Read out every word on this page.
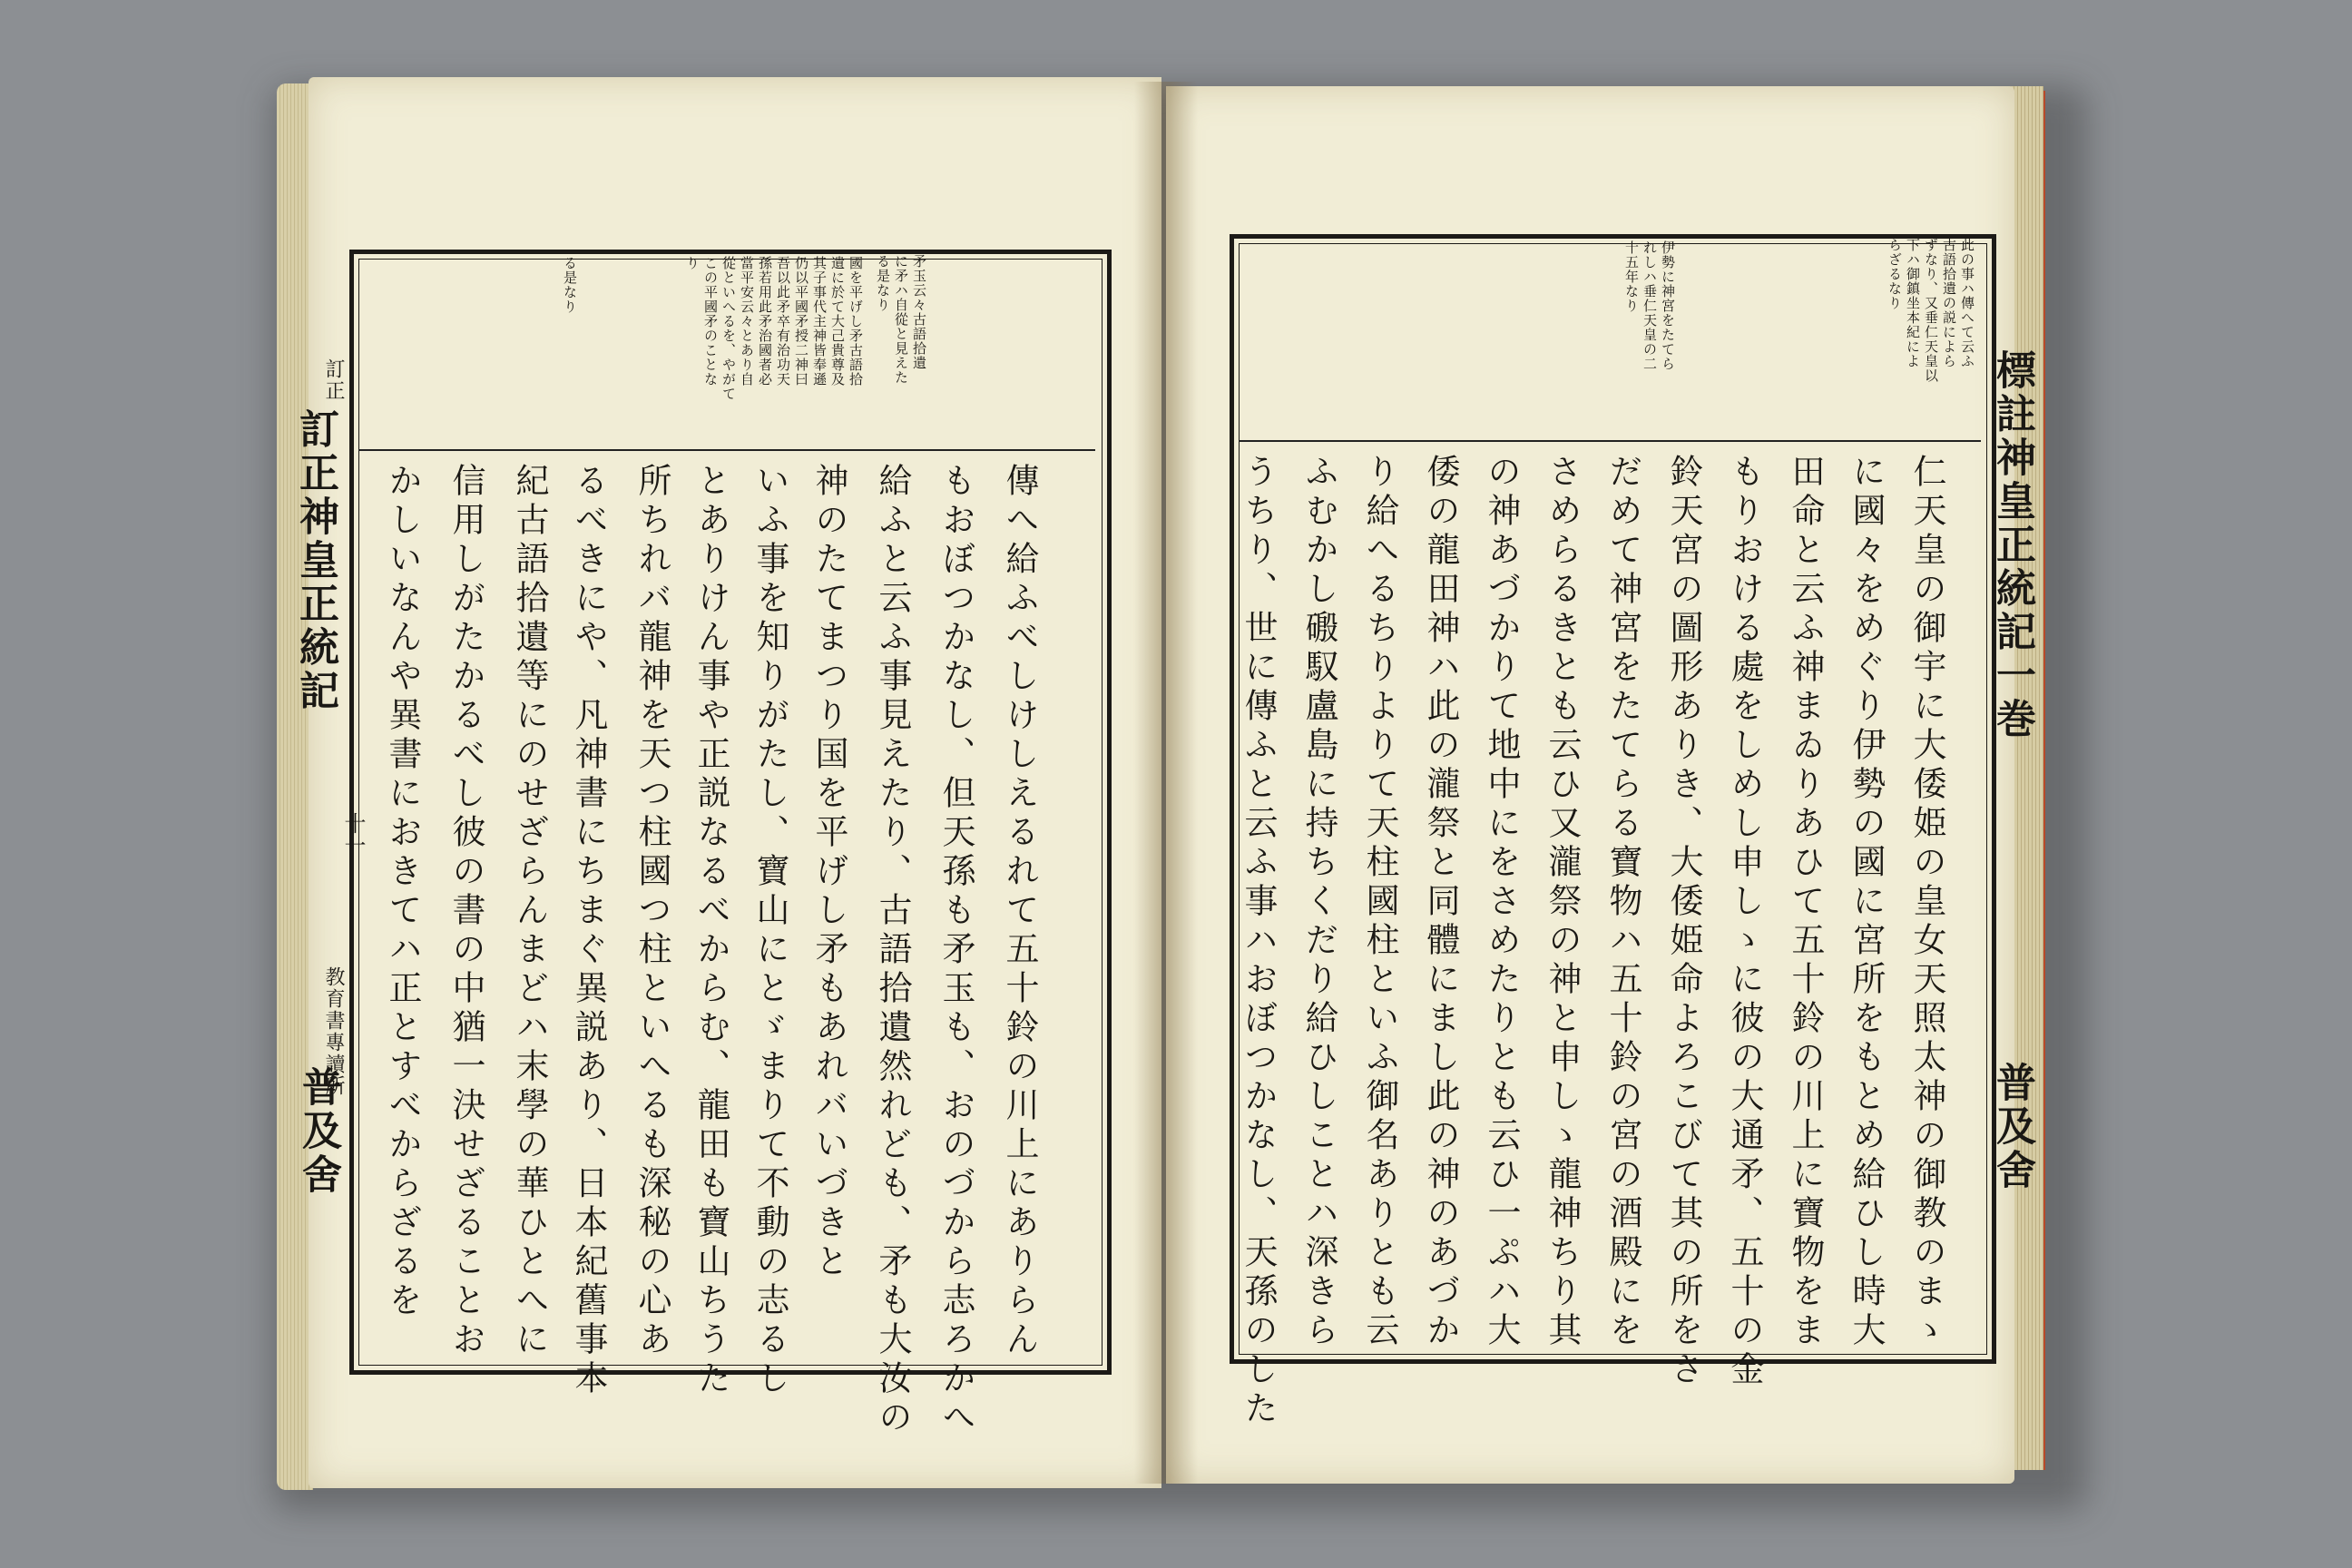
訂正
訂正神皇正統記
十一
教育書專讀所
普及舍
矛玉云々古語拾遺
に矛ハ自從と見えた
る是なり
國を平げし矛古語拾
遺に於て大己貴尊及
其子事代主神皆奉遜
仍以平國矛授二神曰
吾以此矛卒有治功天
孫若用此矛治國者必
當平安云々とあり自
從といへるを、やがて
この平國矛のことな
り
る是なり
傳へ給ふべしけしえるれて五十鈴の川上にありらん
もおぼつかなし、但天孫も矛玉も、おのづから志ろかへ
給ふと云ふ事見えたり、古語拾遺然れども、矛も大汝の
神のたてまつり国を平げし矛もあれバいづきと
いふ事を知りがたし、寶山にとゞまりて不動の志るし
とありけん事や正説なるべからむ、龍田も寶山ちうた
所ちれバ龍神を天つ柱國つ柱といへるも深秘の心あ
るべきにや、凡神書にちまぐ異説あり、日本紀舊事本
紀古語拾遺等にのせざらんまどハ末學の華ひとへに
信用しがたかるべし彼の書の中猶一決せざることお
かしいなんや異書におきてハ正とすべからざるを	標註神皇正統記一巻
普及舍
此の事ハ傳へて云ふ
古語拾遺の説によら
ずなり、又垂仁天皇以
下ハ御鎮坐本紀によ
らざるなり
伊勢に神宮をたてら
れしハ垂仁天皇の二
十五年なり
仁天皇の御宇に大倭姫の皇女天照太神の御教のまゝ
に國々をめぐり伊勢の國に宮所をもとめ給ひし時大
田命と云ふ神まゐりあひて五十鈴の川上に寶物をま
もりおける處をしめし申しゝに彼の大通矛、五十の金
鈴天宮の圖形ありき、大倭姫命よろこびて其の所をさ
だめて神宮をたてらる寶物ハ五十鈴の宮の酒殿にを
さめらるきとも云ひ又瀧祭の神と申しゝ龍神ちり其
の神あづかりて地中にをさめたりとも云ひ一ぷハ大
倭の龍田神ハ此の瀧祭と同體にまし此の神のあづか
り給へるちりよりて天柱國柱といふ御名ありとも云
ふむかし磤馭盧島に持ちくだり給ひしことハ深きら
うちり、世に傳ふと云ふ事ハおぼつかなし、天孫のした
